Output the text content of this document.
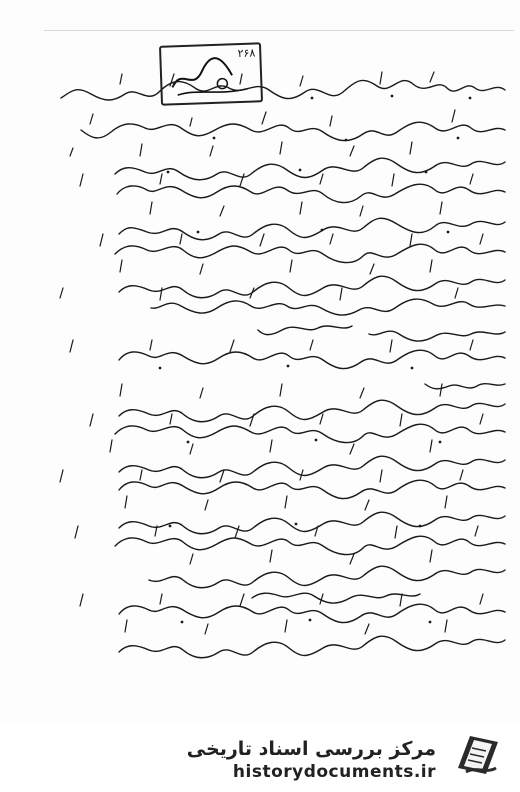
۲۶۸
مرکز بررسی اسناد تاریخی
historydocuments.ir
